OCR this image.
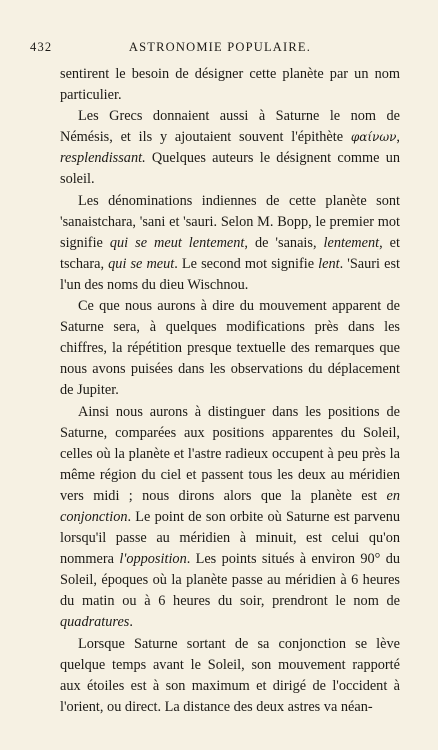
432	ASTRONOMIE POPULAIRE.

sentirent le besoin de désigner cette planète par un nom particulier.

Les Grecs donnaient aussi à Saturne le nom de Némésis, et ils y ajoutaient souvent l'épithète φαίνων, resplendissant. Quelques auteurs le désignent comme un soleil.

Les dénominations indiennes de cette planète sont 'sanaistchara, 'sani et 'sauri. Selon M. Bopp, le premier mot signifie qui se meut lentement, de 'sanais, lentement, et tschara, qui se meut. Le second mot signifie lent. 'Sauri est l'un des noms du dieu Wischnou.

Ce que nous aurons à dire du mouvement apparent de Saturne sera, à quelques modifications près dans les chiffres, la répétition presque textuelle des remarques que nous avons puisées dans les observations du déplacement de Jupiter.

Ainsi nous aurons à distinguer dans les positions de Saturne, comparées aux positions apparentes du Soleil, celles où la planète et l'astre radieux occupent à peu près la même région du ciel et passent tous les deux au méridien vers midi ; nous dirons alors que la planète est en conjonction. Le point de son orbite où Saturne est parvenu lorsqu'il passe au méridien à minuit, est celui qu'on nommera l'opposition. Les points situés à environ 90° du Soleil, époques où la planète passe au méridien à 6 heures du matin ou à 6 heures du soir, prendront le nom de quadratures.

Lorsque Saturne sortant de sa conjonction se lève quelque temps avant le Soleil, son mouvement rapporté aux étoiles est à son maximum et dirigé de l'occident à l'orient, ou direct. La distance des deux astres va néan-
